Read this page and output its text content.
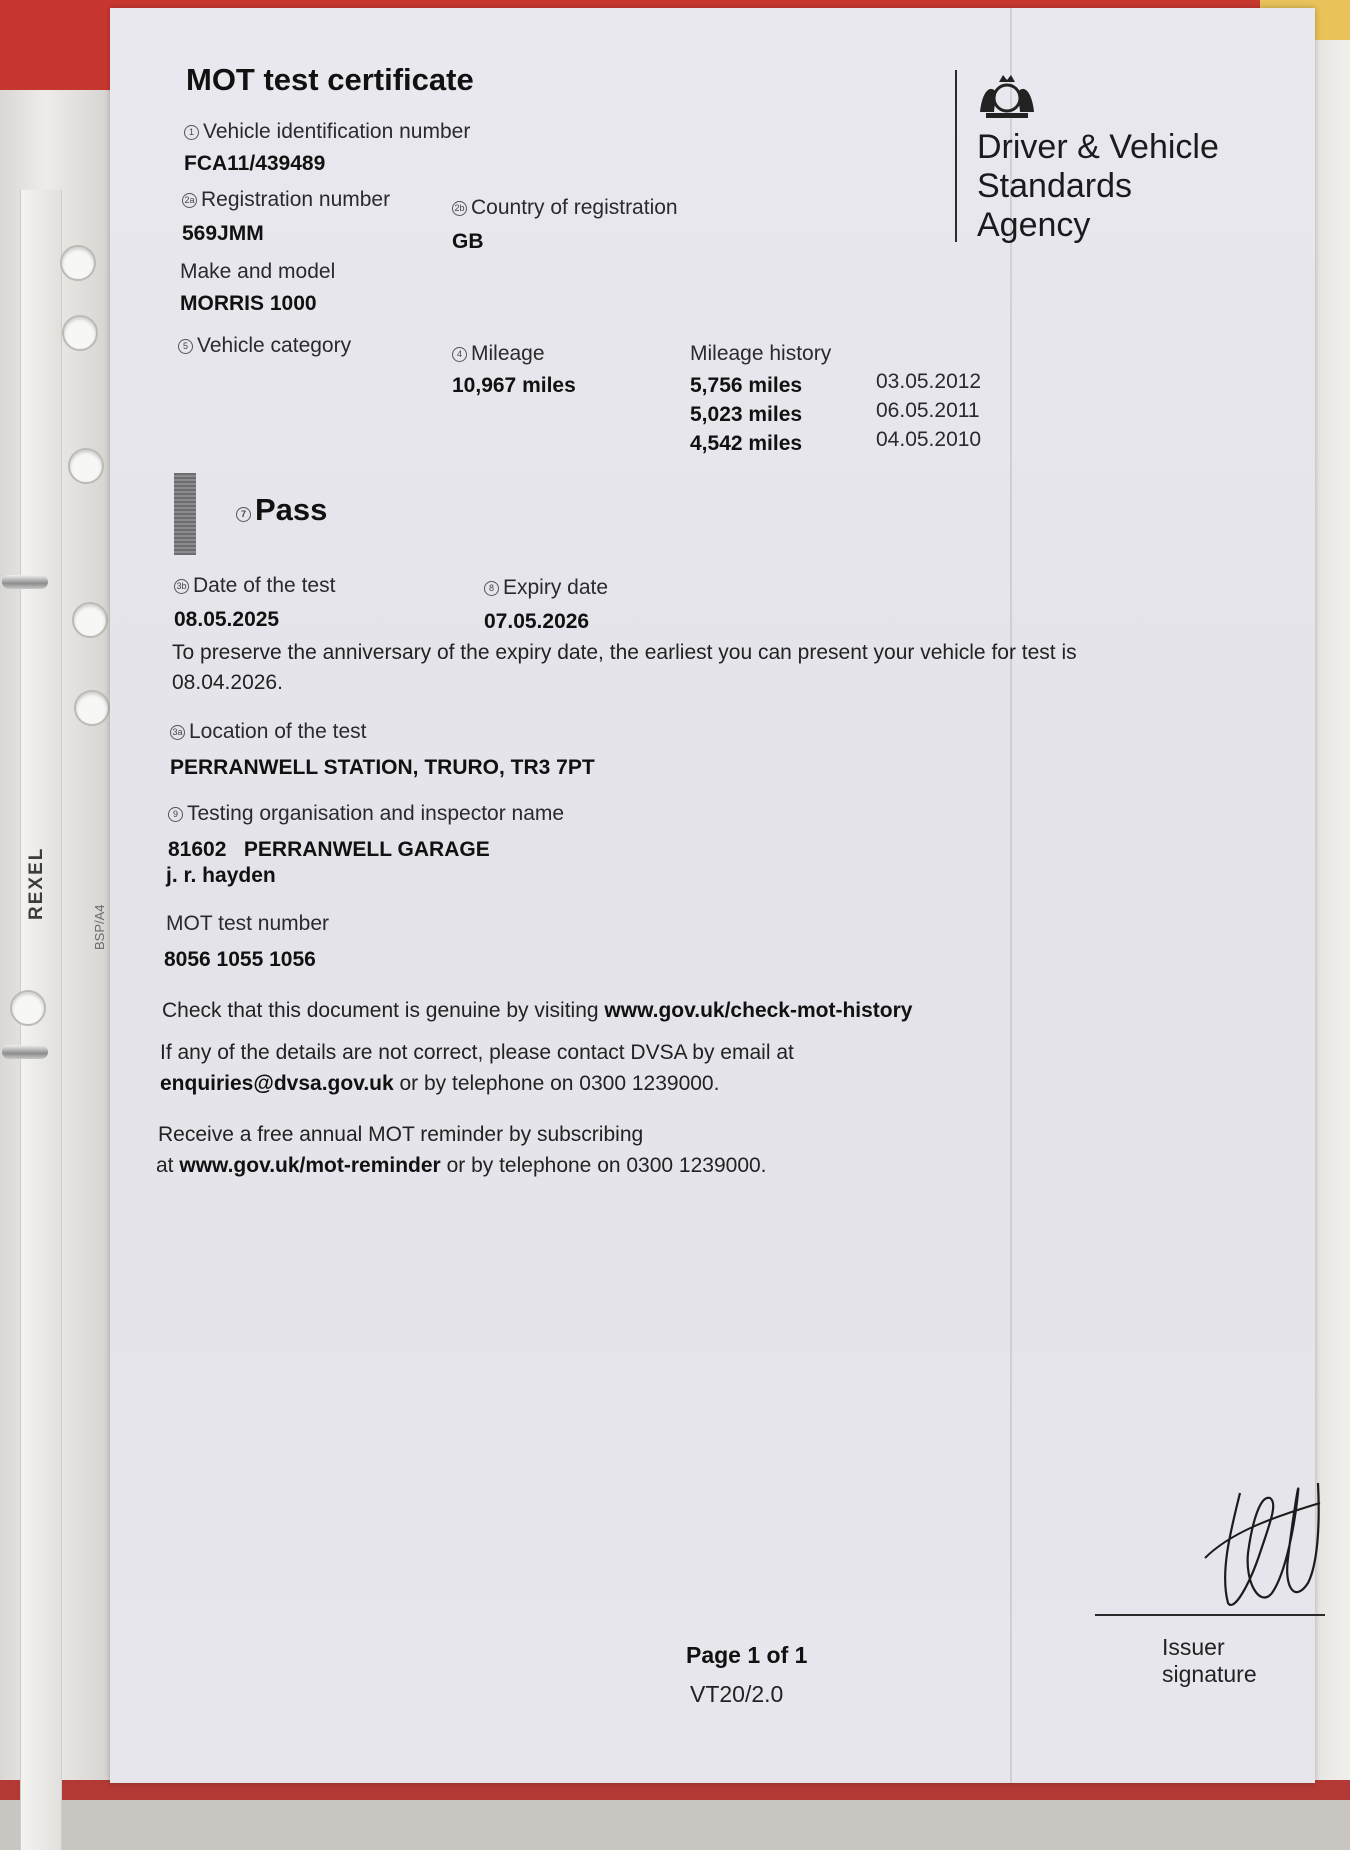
REXEL
BSP/A4
MOT test certificate
1 Vehicle identification number
FCA11/439489
2a Registration number
569JMM
2b Country of registration
GB
Make and model
MORRIS 1000
5 Vehicle category	4 Mileage
10,967 miles
Mileage history
5,756 miles	03.05.2012
5,023 miles	06.05.2011
4,542 miles	04.05.2010
7 Pass
3b Date of the test
08.05.2025
8 Expiry date
07.05.2026
To preserve the anniversary of the expiry date, the earliest you can present your vehicle for test is
08.04.2026.
3a Location of the test
PERRANWELL STATION, TRURO, TR3 7PT
9 Testing organisation and inspector name
81602 PERRANWELL GARAGE
j. r. hayden
MOT test number
8056 1055 1056
Check that this document is genuine by visiting www.gov.uk/check-mot-history
If any of the details are not correct, please contact DVSA by email at
enquiries@dvsa.gov.uk or by telephone on 0300 1239000.
Receive a free annual MOT reminder by subscribing
at www.gov.uk/mot-reminder or by telephone on 0300 1239000.
Driver & Vehicle
Standards
Agency
Issuer signature
Page 1 of 1
VT20/2.0
